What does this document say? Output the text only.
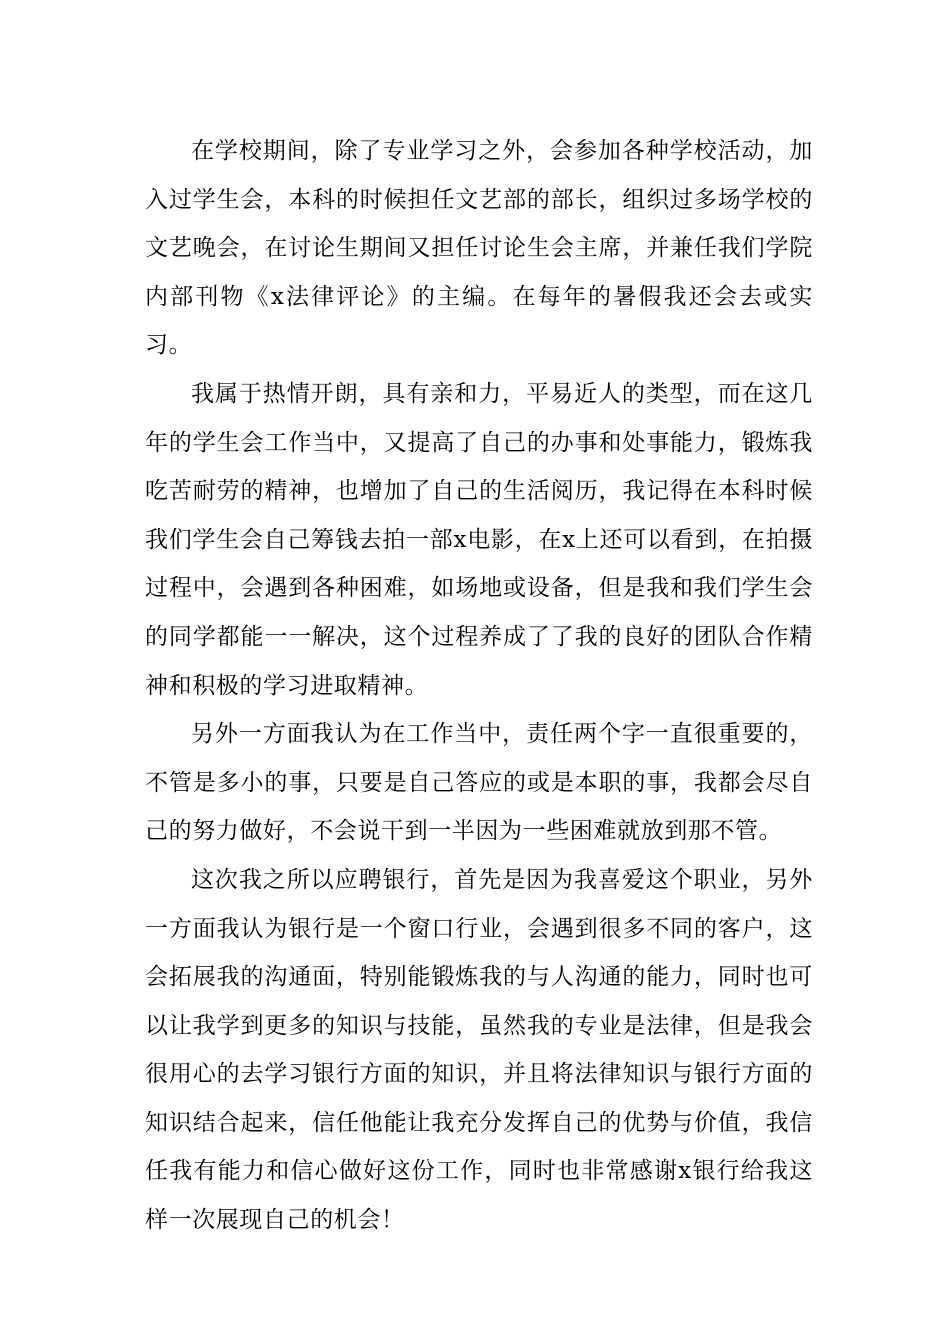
在学校期间，除了专业学习之外，会参加各种学校活动，加入过学生会，本科的时候担任文艺部的部长，组织过多场学校的文艺晚会，在讨论生期间又担任讨论生会主席，并兼任我们学院内部刊物《x法律评论》的主编。在每年的暑假我还会去或实习。

我属于热情开朗，具有亲和力，平易近人的类型，而在这几年的学生会工作当中，又提高了自己的办事和处事能力，锻炼我吃苦耐劳的精神，也增加了自己的生活阅历，我记得在本科时候我们学生会自己筹钱去拍一部x电影，在x上还可以看到，在拍摄过程中，会遇到各种困难，如场地或设备，但是我和我们学生会的同学都能一一解决，这个过程养成了了我的良好的团队合作精神和积极的学习进取精神。

另外一方面我认为在工作当中，责任两个字一直很重要的，不管是多小的事，只要是自己答应的或是本职的事，我都会尽自己的努力做好，不会说干到一半因为一些困难就放到那不管。

这次我之所以应聘银行，首先是因为我喜爱这个职业，另外一方面我认为银行是一个窗口行业，会遇到很多不同的客户，这会拓展我的沟通面，特别能锻炼我的与人沟通的能力，同时也可以让我学到更多的知识与技能，虽然我的专业是法律，但是我会很用心的去学习银行方面的知识，并且将法律知识与银行方面的知识结合起来，信任他能让我充分发挥自己的优势与价值，我信任我有能力和信心做好这份工作，同时也非常感谢x银行给我这样一次展现自己的机会！
